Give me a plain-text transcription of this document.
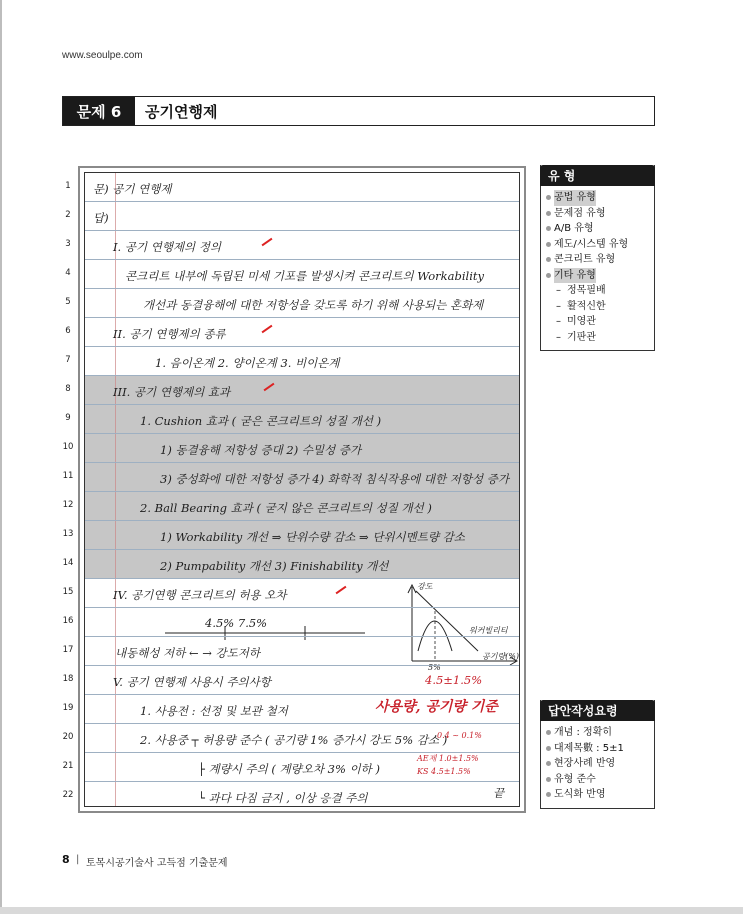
www.seoulpe.com
문제 6	공기연행제
1
2
3
4
5
6
7
8
9
10
11
12
13
14
15
16
17
18
19
20
21
22
4.5±1.5%
사용량, 공기량 기준
0.4 ~ 0.1%
AE제 1.0±1.5%
KS 4.5±1.5%
끝
강도
워커빌리티
5%
공기량(%)
문) 공기 연행제
답)
I. 공기 연행제의 정의
콘크리트 내부에 독립된 미세 기포를 발생시켜 콘크리트의 Workability
개선과 동결융해에 대한 저항성을 갖도록 하기 위해 사용되는 혼화제
II. 공기 연행제의 종류
1. 음이온계 2. 양이온계 3. 비이온계
III. 공기 연행제의 효과
1. Cushion 효과 ( 굳은 콘크리트의 성질 개선 )
1) 동결융해 저항성 증대 2) 수밀성 증가
3) 중성화에 대한 저항성 증가 4) 화학적 침식작용에 대한 저항성 증가
2. Ball Bearing 효과 ( 굳지 않은 콘크리트의 성질 개선 )
1) Workability 개선 ⇒ 단위수량 감소 ⇒ 단위시멘트량 감소
2) Pumpability 개선 3) Finishability 개선
IV. 공기연행 콘크리트의 허용 오차
4.5% 7.5%
내동해성 저하 ← → 강도저하
V. 공기 연행제 사용시 주의사항
1. 사용전 : 선정 및 보관 철저
2. 사용중 ┬ 허용량 준수 ( 공기량 1% 증가시 강도 5% 감소 )
├ 계량시 주의 ( 계량오차 3% 이하 )
└ 과다 다짐 금지 , 이상 응결 주의
유 형
공법 유형
문제점 유형
A/B 유형
제도/시스템 유형
콘크리트 유형
기타 유형
– 정목필배
– 활적신한
– 미영관
– 기판관
답안작성요령
개념 : 정확히
대제목數 : 5±1
현장사례 반영
유형 준수
도식화 반영
8 | 토목시공기술사 고득점 기출문제
